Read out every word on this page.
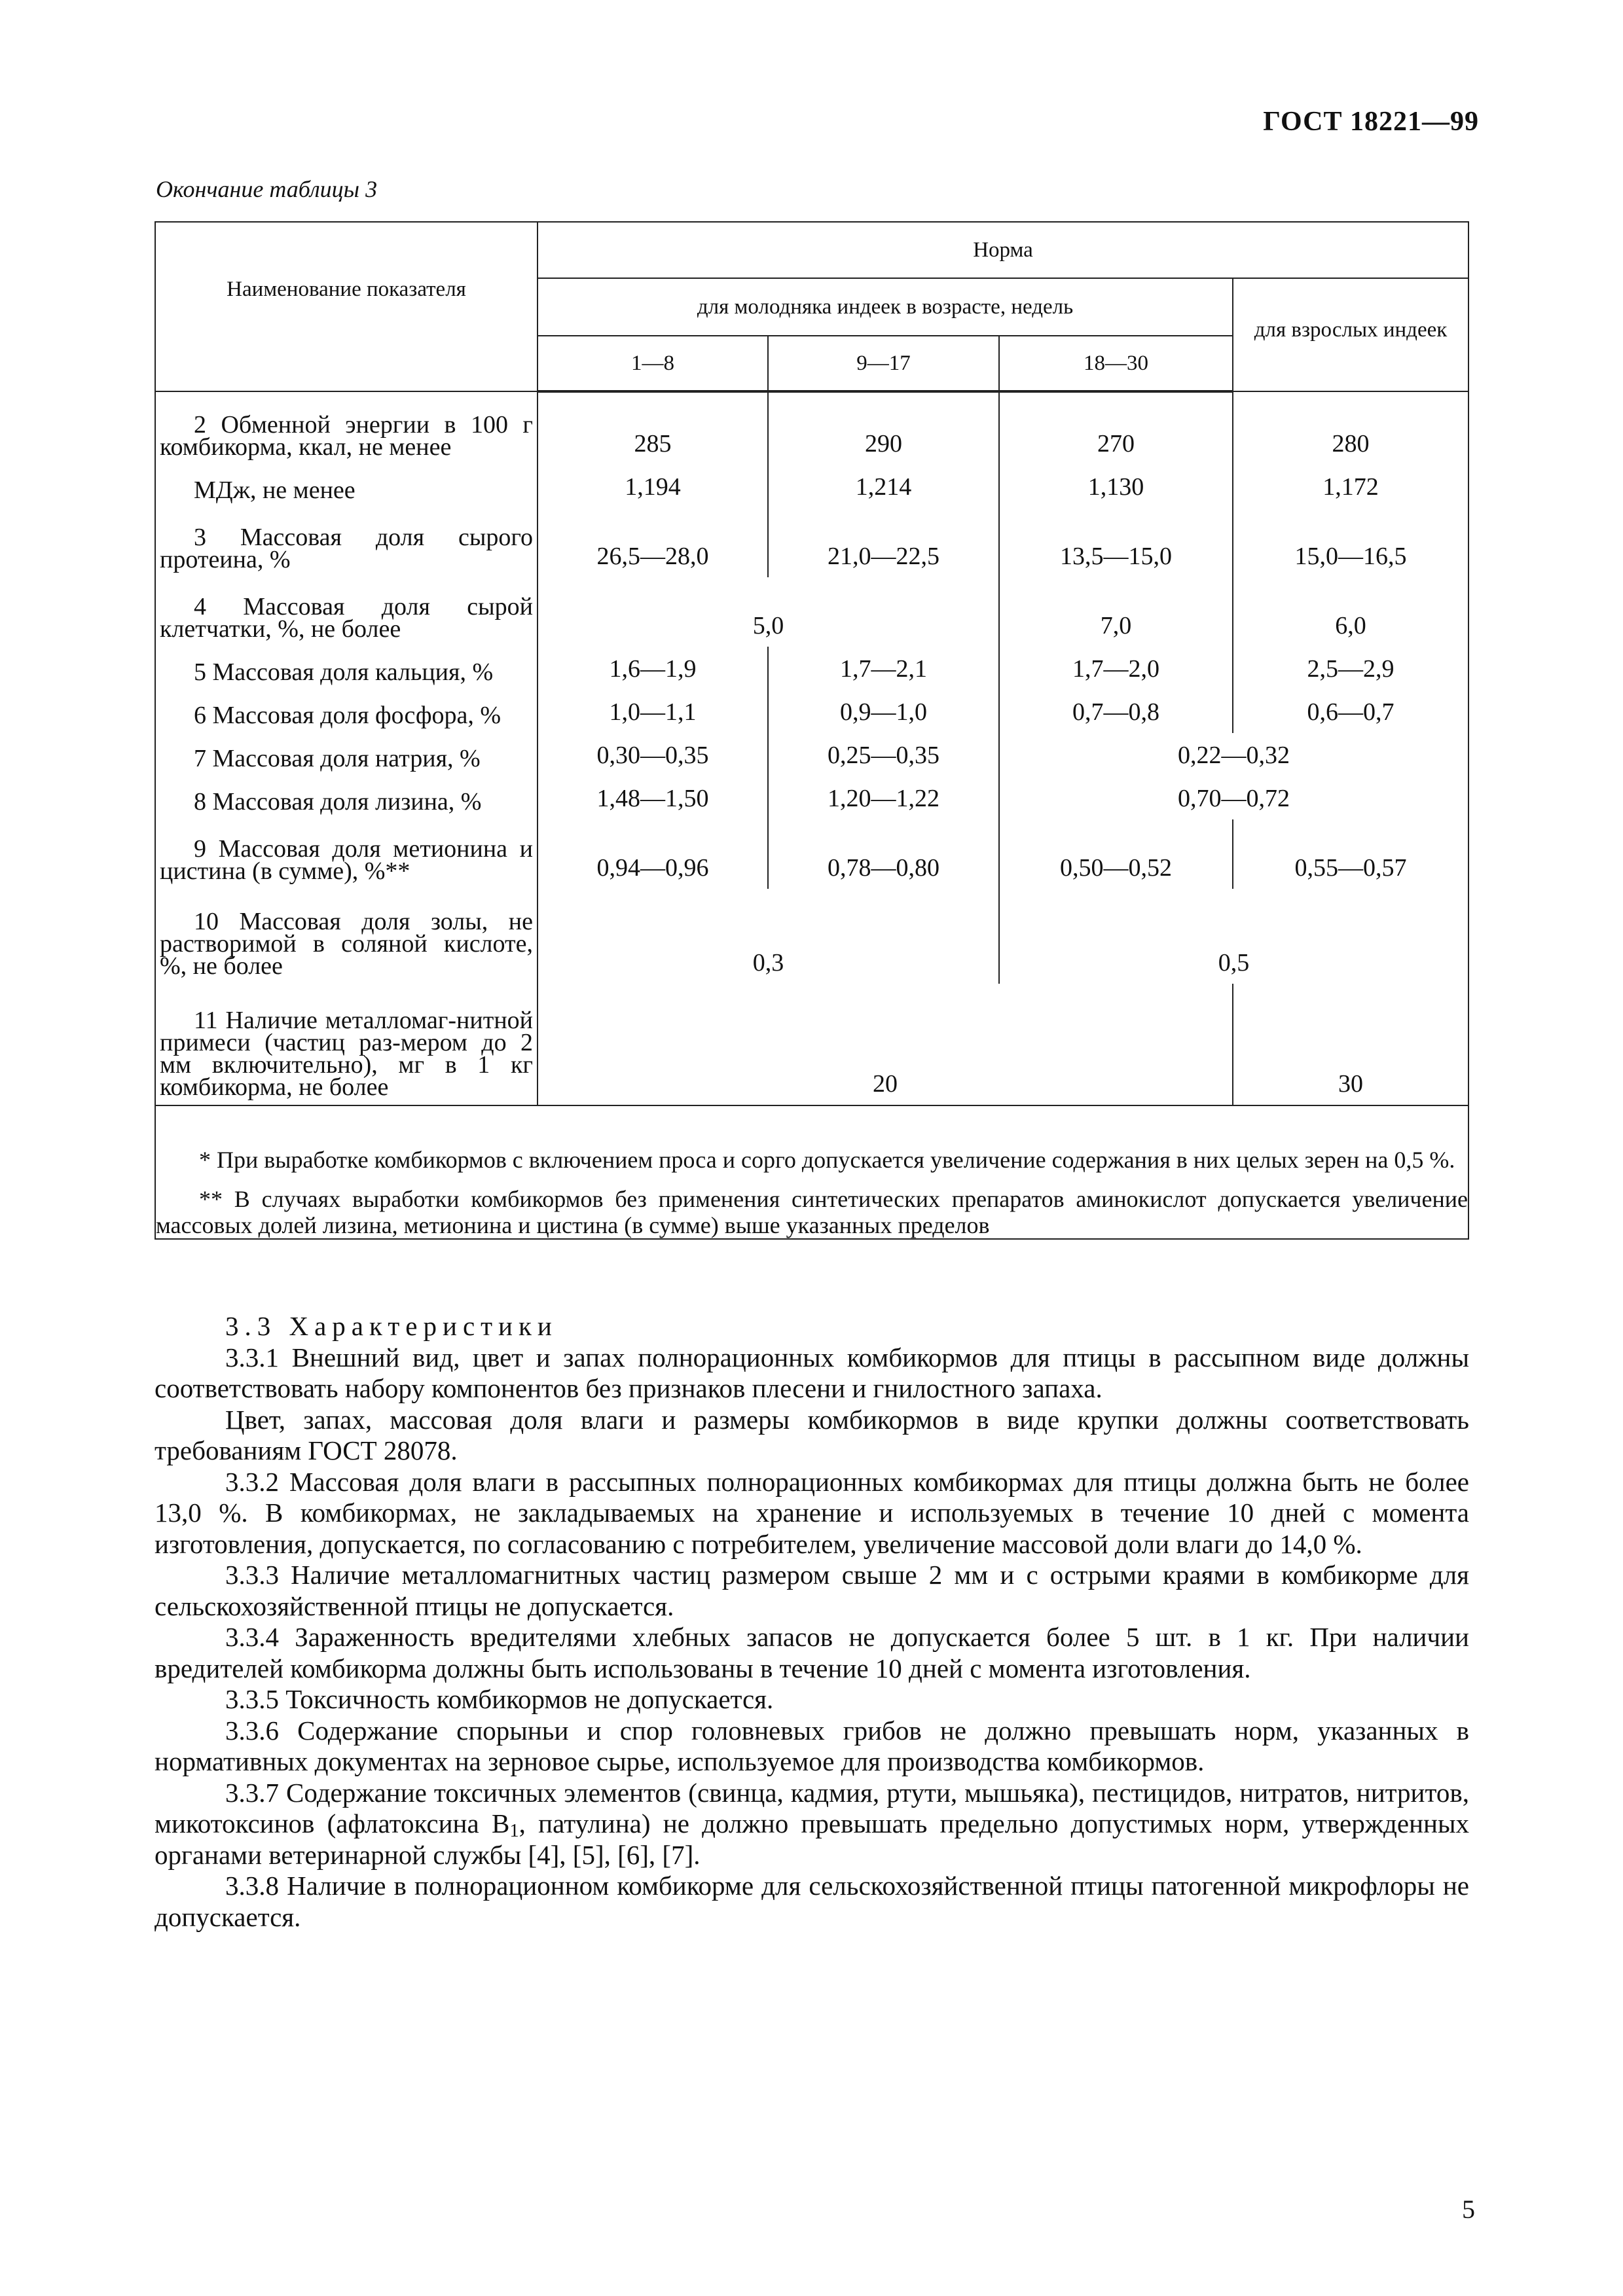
ГОСТ 18221—99
Окончание таблицы 3
Наименование показателя	Норма			
	для молодняка индеек в возрасте, недель			для взрослых индеек
	1—8	9—17	18—30	
2 Обменной энергии в 100 г комбикорма, ккал, не менее	285	290	270	280
МДж, не менее	1,194	1,214	1,130	1,172
3 Массовая доля сырого протеина, %	26,5—28,0	21,0—22,5	13,5—15,0	15,0—16,5
4 Массовая доля сырой клетчатки, %, не более	5,0		7,0	6,0
5 Массовая доля кальция, %	1,6—1,9	1,7—2,1	1,7—2,0	2,5—2,9
6 Массовая доля фосфора, %	1,0—1,1	0,9—1,0	0,7—0,8	0,6—0,7
7 Массовая доля натрия, %	0,30—0,35	0,25—0,35	0,22—0,32	
8 Массовая доля лизина, %	1,48—1,50	1,20—1,22	0,70—0,72	
9 Массовая доля метионина и цистина (в сумме), %**	0,94—0,96	0,78—0,80	0,50—0,52	0,55—0,57
10 Массовая доля золы, не растворимой в соляной кислоте, %, не более	0,3		0,5	
11 Наличие металломаг-нитной примеси (частиц раз-мером до 2 мм включительно), мг в 1 кг комбикорма, не более	20			30

* При выработке комбикормов с включением проса и сорго допускается увеличение содержания в них целых зерен на 0,5 %.

** В случаях выработки комбикормов без применения синтетических препаратов аминокислот допускается увеличение массовых долей лизина, метионина и цистина (в сумме) выше указанных пределов				

3.3 Характеристики

3.3.1 Внешний вид, цвет и запах полнорационных комбикормов для птицы в рассыпном виде должны соответствовать набору компонентов без признаков плесени и гнилостного запаха.

Цвет, запах, массовая доля влаги и размеры комбикормов в виде крупки должны соответствовать требованиям ГОСТ 28078.

3.3.2 Массовая доля влаги в рассыпных полнорационных комбикормах для птицы должна быть не более 13,0 %. В комбикормах, не закладываемых на хранение и используемых в течение 10 дней с момента изготовления, допускается, по согласованию с потребителем, увеличение массовой доли влаги до 14,0 %.

3.3.3 Наличие металломагнитных частиц размером свыше 2 мм и с острыми краями в комбикорме для сельскохозяйственной птицы не допускается.

3.3.4 Зараженность вредителями хлебных запасов не допускается более 5 шт. в 1 кг. При наличии вредителей комбикорма должны быть использованы в течение 10 дней с момента изготовления.

3.3.5 Токсичность комбикормов не допускается.

3.3.6 Содержание спорыньи и спор головневых грибов не должно превышать норм, указанных в нормативных документах на зерновое сырье, используемое для производства комбикормов.

3.3.7 Содержание токсичных элементов (свинца, кадмия, ртути, мышьяка), пестицидов, нитратов, нитритов, микотоксинов (афлатоксина $В_1$, патулина) не должно превышать предельно допустимых норм, утвержденных органами ветеринарной службы [4], [5], [6], [7].

3.3.8 Наличие в полнорационном комбикорме для сельскохозяйственной птицы патогенной микрофлоры не допускается.

5
